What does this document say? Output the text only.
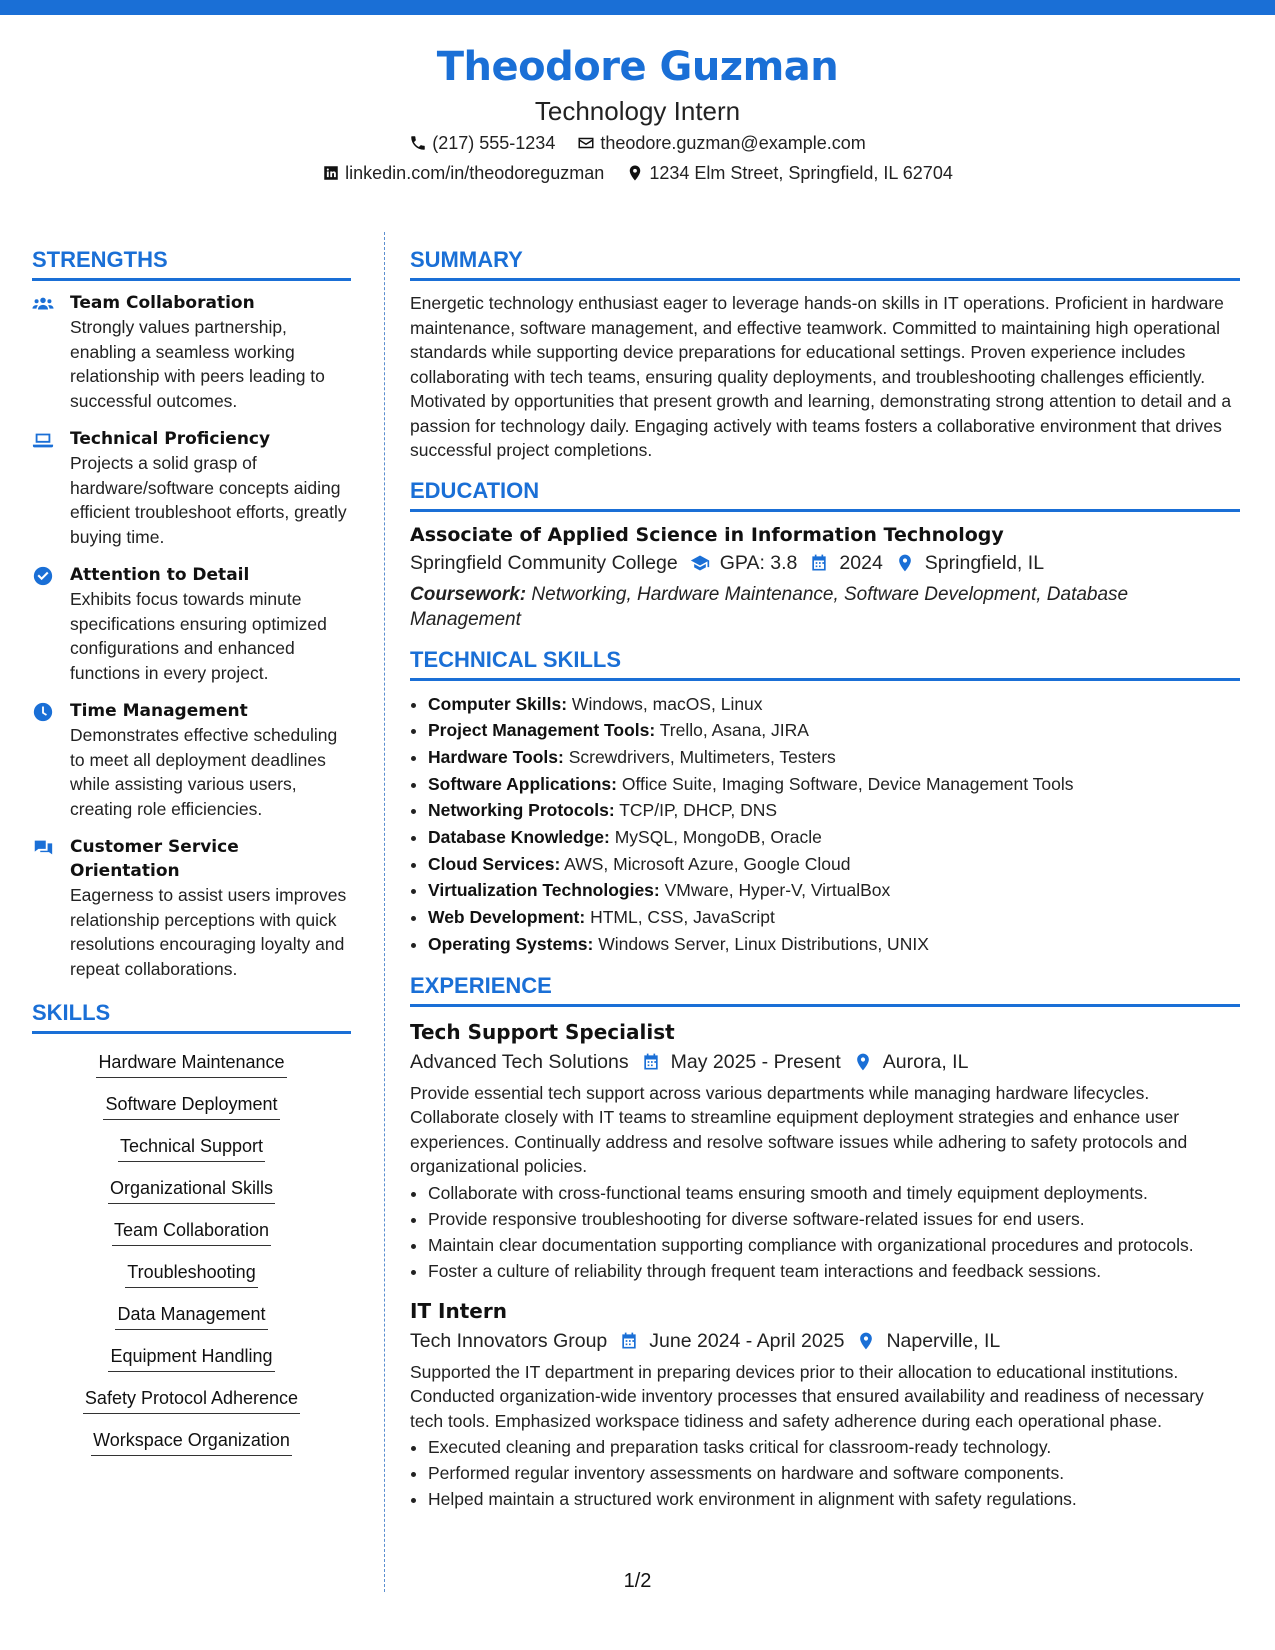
Theodore Guzman
Technology Intern
(217) 555-1234	theodore.guzman@example.com
linkedin.com/in/theodoreguzman	1234 Elm Street, Springfield, IL 62704
STRENGTHS
Team Collaboration
Strongly values partnership, enabling a seamless working relationship with peers leading to successful outcomes.
Technical Proficiency
Projects a solid grasp of hardware/software concepts aiding efficient troubleshoot efforts, greatly buying time.
Attention to Detail
Exhibits focus towards minute specifications ensuring optimized configurations and enhanced functions in every project.
Time Management
Demonstrates effective scheduling to meet all deployment deadlines while assisting various users, creating role efficiencies.
Customer Service Orientation
Eagerness to assist users improves relationship perceptions with quick resolutions encouraging loyalty and repeat collaborations.
SKILLS
Hardware Maintenance
Software Deployment
Technical Support
Organizational Skills
Team Collaboration
Troubleshooting
Data Management
Equipment Handling
Safety Protocol Adherence
Workspace Organization
SUMMARY
Energetic technology enthusiast eager to leverage hands-on skills in IT operations. Proficient in hardware maintenance, software management, and effective teamwork. Committed to maintaining high operational standards while supporting device preparations for educational settings. Proven experience includes collaborating with tech teams, ensuring quality deployments, and troubleshooting challenges efficiently. Motivated by opportunities that present growth and learning, demonstrating strong attention to detail and a passion for technology daily. Engaging actively with teams fosters a collaborative environment that drives successful project completions.
EDUCATION
Associate of Applied Science in Information Technology
Springfield Community College GPA: 3.8 2024 Springfield, IL
Coursework: Networking, Hardware Maintenance, Software Development, Database Management
TECHNICAL SKILLS
• Computer Skills: Windows, macOS, Linux
• Project Management Tools: Trello, Asana, JIRA
• Hardware Tools: Screwdrivers, Multimeters, Testers
• Software Applications: Office Suite, Imaging Software, Device Management Tools
• Networking Protocols: TCP/IP, DHCP, DNS
• Database Knowledge: MySQL, MongoDB, Oracle
• Cloud Services: AWS, Microsoft Azure, Google Cloud
• Virtualization Technologies: VMware, Hyper-V, VirtualBox
• Web Development: HTML, CSS, JavaScript
• Operating Systems: Windows Server, Linux Distributions, UNIX
EXPERIENCE
Tech Support Specialist
Advanced Tech Solutions May 2025 - Present Aurora, IL
Provide essential tech support across various departments while managing hardware lifecycles. Collaborate closely with IT teams to streamline equipment deployment strategies and enhance user experiences. Continually address and resolve software issues while adhering to safety protocols and organizational policies.
• Collaborate with cross-functional teams ensuring smooth and timely equipment deployments.
• Provide responsive troubleshooting for diverse software-related issues for end users.
• Maintain clear documentation supporting compliance with organizational procedures and protocols.
• Foster a culture of reliability through frequent team interactions and feedback sessions.
IT Intern
Tech Innovators Group June 2024 - April 2025 Naperville, IL
Supported the IT department in preparing devices prior to their allocation to educational institutions. Conducted organization-wide inventory processes that ensured availability and readiness of necessary tech tools. Emphasized workspace tidiness and safety adherence during each operational phase.
• Executed cleaning and preparation tasks critical for classroom-ready technology.
• Performed regular inventory assessments on hardware and software components.
• Helped maintain a structured work environment in alignment with safety regulations.
1/2
